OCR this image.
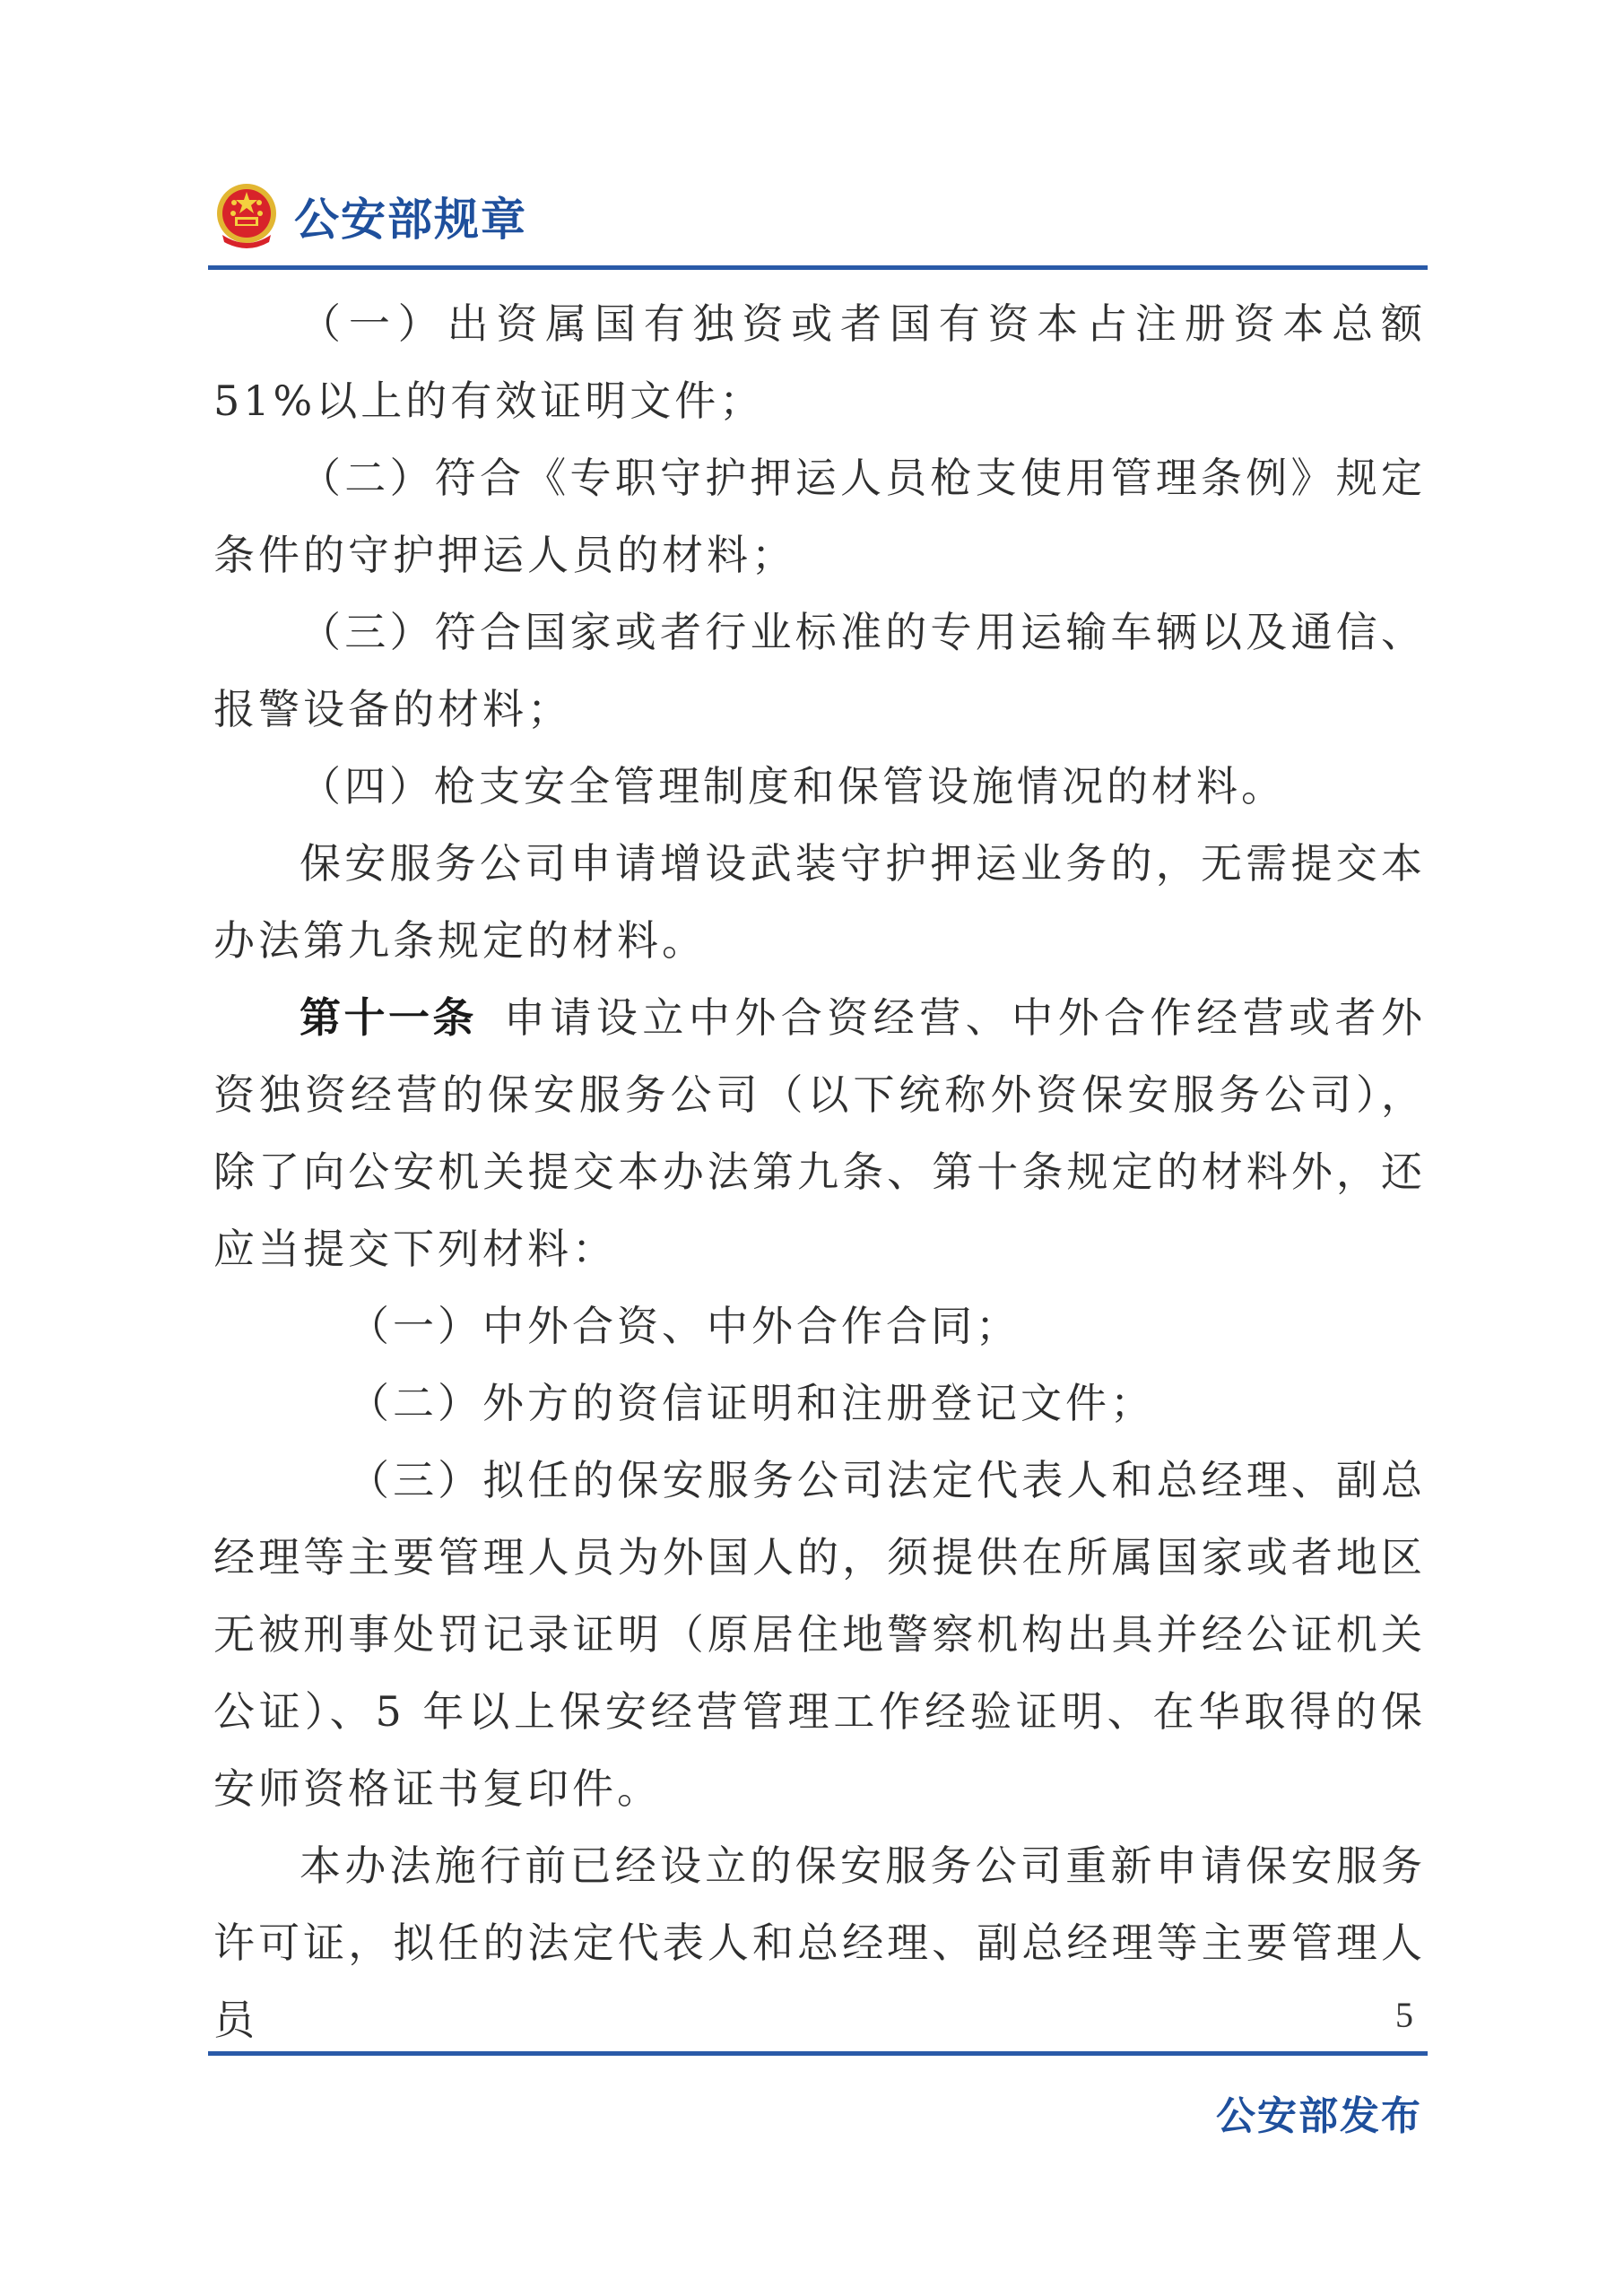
公安部规章

（一）出资属国有独资或者国有资本占注册资本总额 51%以上的有效证明文件；

（二）符合《专职守护押运人员枪支使用管理条例》规定条件的守护押运人员的材料；

（三）符合国家或者行业标准的专用运输车辆以及通信、报警设备的材料；

（四）枪支安全管理制度和保管设施情况的材料。

保安服务公司申请增设武装守护押运业务的，无需提交本办法第九条规定的材料。

第十一条 申请设立中外合资经营、中外合作经营或者外资独资经营的保安服务公司（以下统称外资保安服务公司），除了向公安机关提交本办法第九条、第十条规定的材料外，还应当提交下列材料：

（一）中外合资、中外合作合同；

（二）外方的资信证明和注册登记文件；

（三）拟任的保安服务公司法定代表人和总经理、副总经理等主要管理人员为外国人的，须提供在所属国家或者地区无被刑事处罚记录证明（原居住地警察机构出具并经公证机关公证）、5 年以上保安经营管理工作经验证明、在华取得的保安师资格证书复印件。

本办法施行前已经设立的保安服务公司重新申请保安服务许可证，拟任的法定代表人和总经理、副总经理等主要管理人员	5
公安部发布
